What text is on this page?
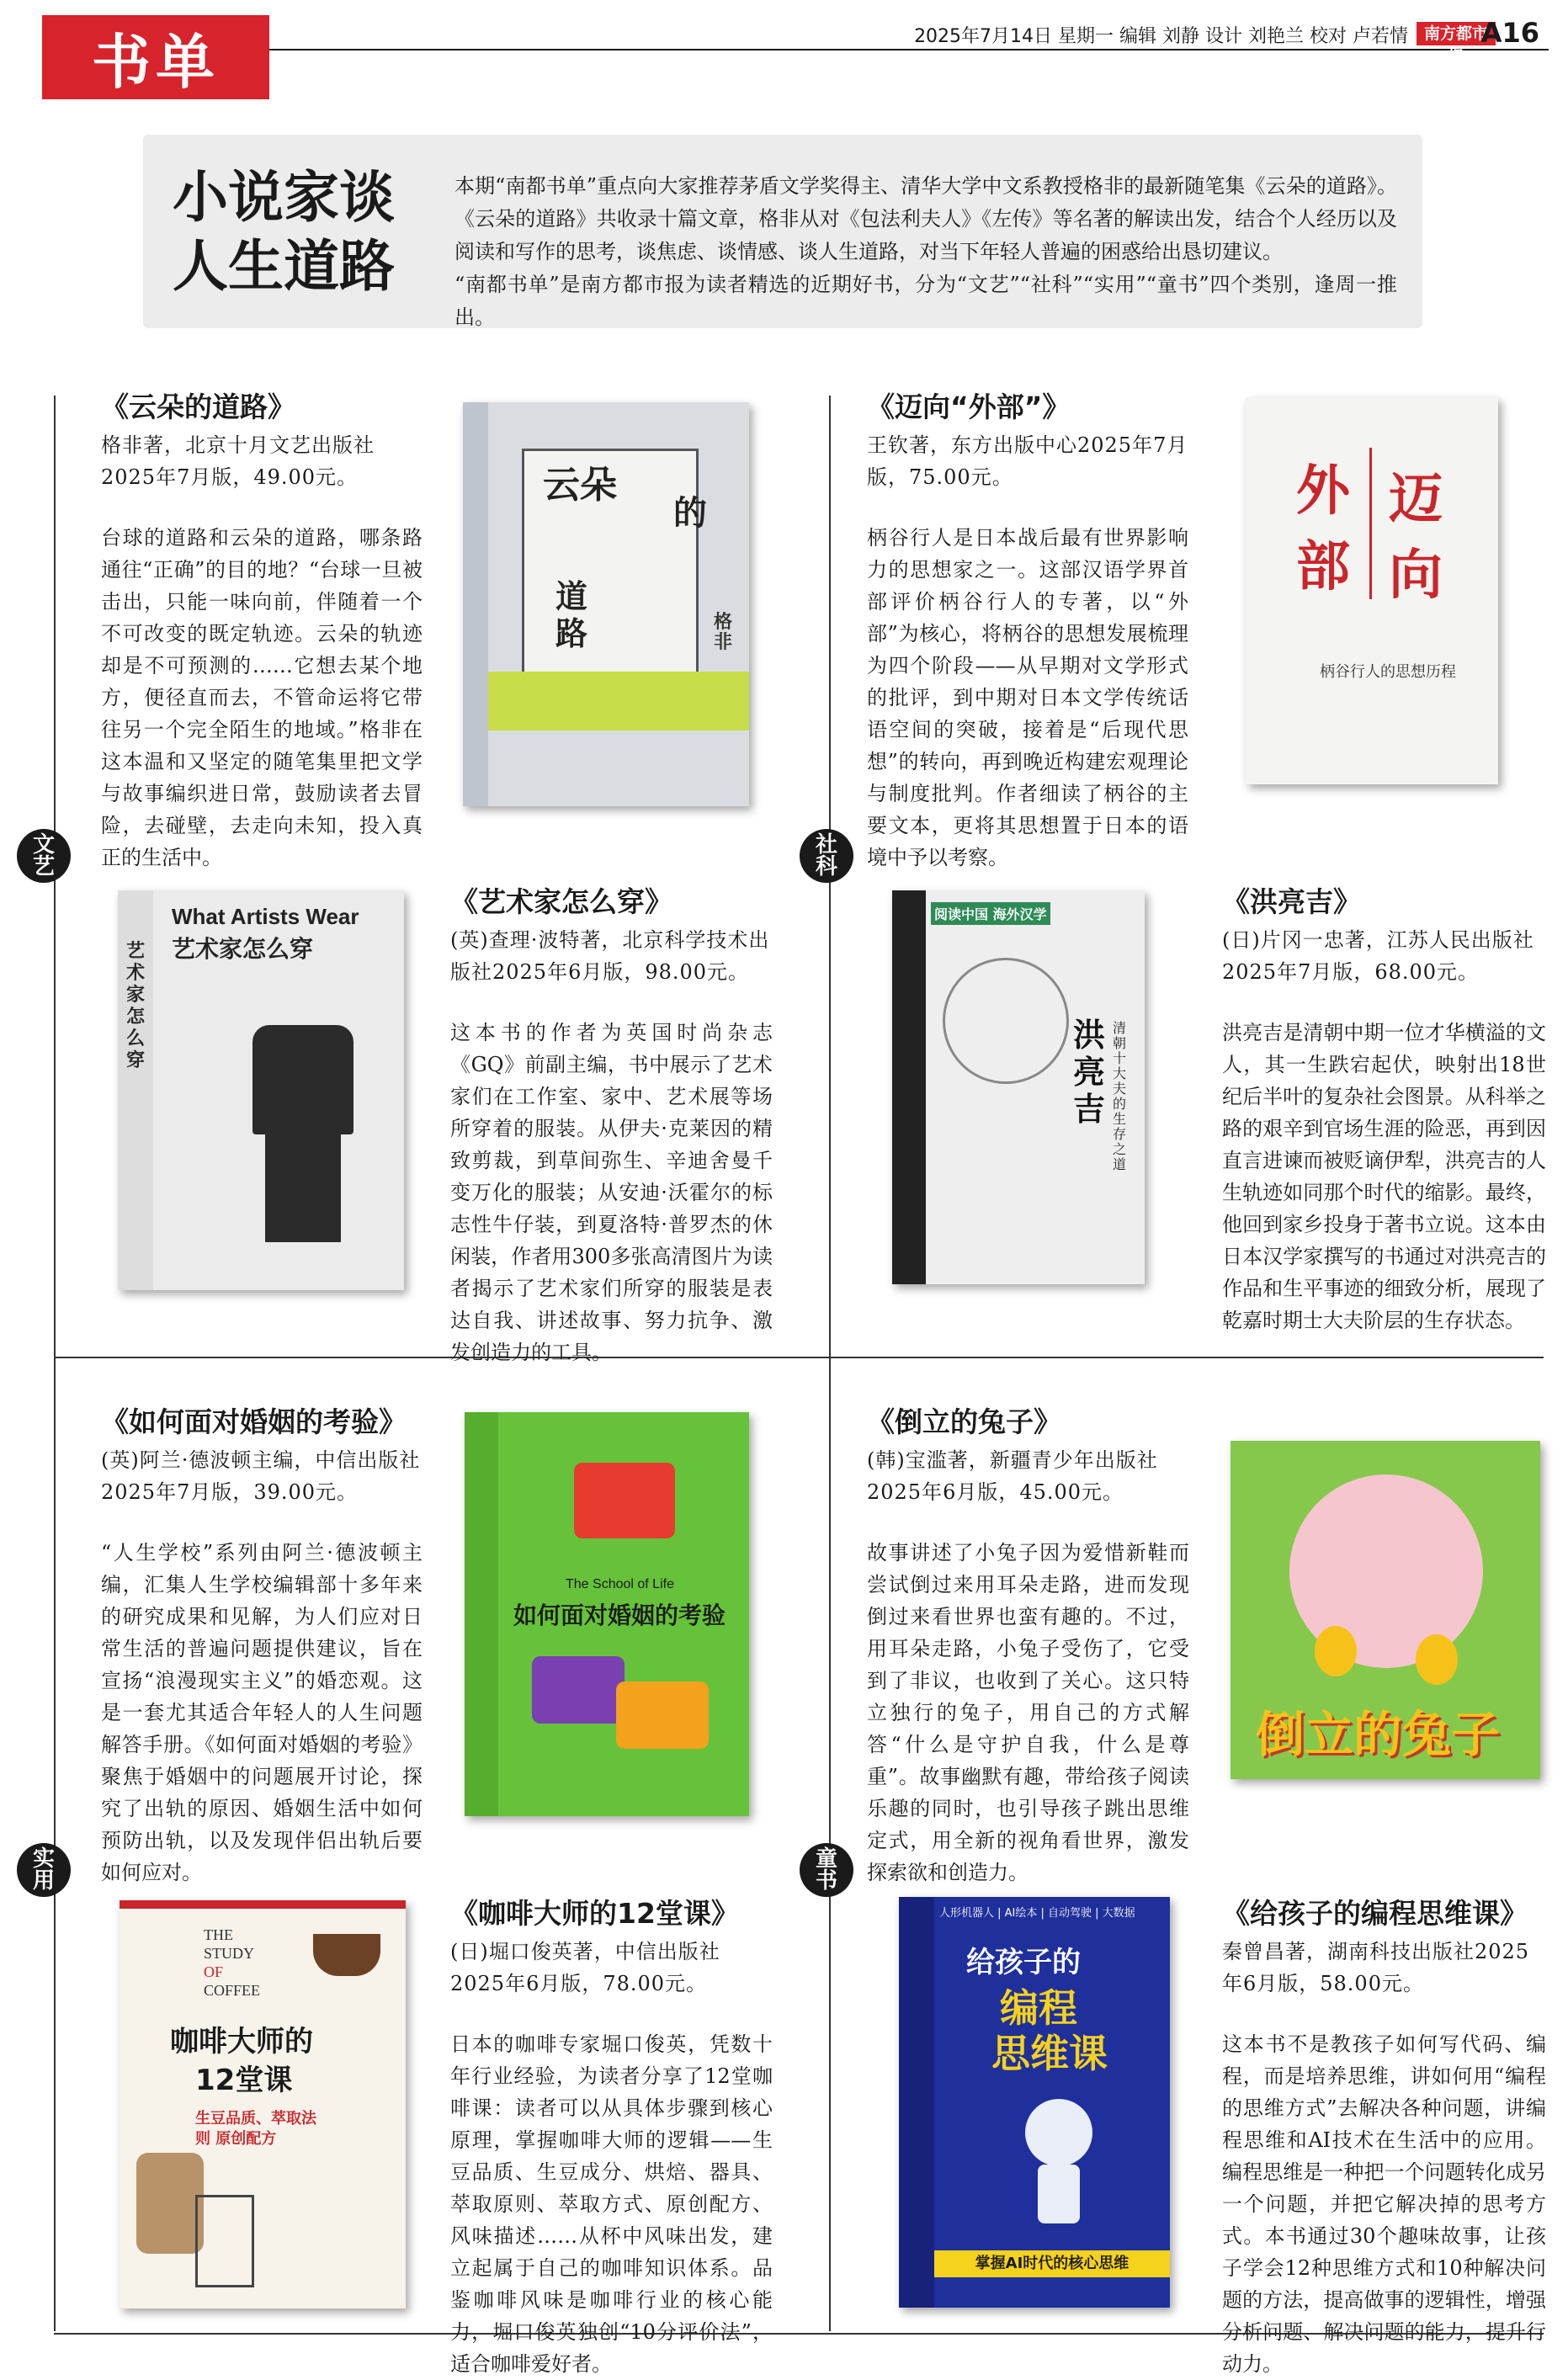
书单	2025年7月14日 星期一 编辑 刘静 设计 刘艳兰 校对 卢若情 南方都市报
A16
小说家谈
人生道路

本期“南都书单”重点向大家推荐茅盾文学奖得主、清华大学中文系教授格非的最新随笔集《云朵的道路》。《云朵的道路》共收录十篇文章，格非从对《包法利夫人》《左传》等名著的解读出发，结合个人经历以及阅读和写作的思考，谈焦虑、谈情感、谈人生道路，对当下年轻人普遍的困惑给出恳切建议。

“南都书单”是南方都市报为读者精选的近期好书，分为“文艺”“社科”“实用”“童书”四个类别，逢周一推出。

文
艺
社
科
实
用
童
书
《云朵的道路》
格非著，北京十月文艺出版社2025年7月版，49.00元。
台球的道路和云朵的道路，哪条路通往“正确”的目的地？“台球一旦被击出，只能一味向前，伴随着一个不可改变的既定轨迹。云朵的轨迹却是不可预测的……它想去某个地方，便径直而去，不管命运将它带往另一个完全陌生的地域。”格非在这本温和又坚定的随笔集里把文学与故事编织进日常，鼓励读者去冒险，去碰壁，去走向未知，投入真正的生活中。
云朵
的
道
路	格非
《迈向“外部”》
王钦著，东方出版中心2025年7月版，75.00元。
柄谷行人是日本战后最有世界影响力的思想家之一。这部汉语学界首部评价柄谷行人的专著，以“外部”为核心，将柄谷的思想发展梳理为四个阶段——从早期对文学形式的批评，到中期对日本文学传统话语空间的突破，接着是“后现代思想”的转向，再到晚近构建宏观理论与制度批判。作者细读了柄谷的主要文本，更将其思想置于日本的语境中予以考察。
外 迈
部 向
柄谷行人的思想历程
艺术家怎么穿
What Artists Wear
艺术家怎么穿
《艺术家怎么穿》
(英)查理·波特著，北京科学技术出版社2025年6月版，98.00元。
这本书的作者为英国时尚杂志《GQ》前副主编，书中展示了艺术家们在工作室、家中、艺术展等场所穿着的服装。从伊夫·克莱因的精致剪裁，到草间弥生、辛迪舍曼千变万化的服装；从安迪·沃霍尔的标志性牛仔装，到夏洛特·普罗杰的休闲装，作者用300多张高清图片为读者揭示了艺术家们所穿的服装是表达自我、讲述故事、努力抗争、激发创造力的工具。
阅读中国 海外汉学
洪
亮
吉
清朝十大夫的生存之道
《洪亮吉》
(日)片冈一忠著，江苏人民出版社2025年7月版，68.00元。
洪亮吉是清朝中期一位才华横溢的文人，其一生跌宕起伏，映射出18世纪后半叶的复杂社会图景。从科举之路的艰辛到官场生涯的险恶，再到因直言进谏而被贬谪伊犁，洪亮吉的人生轨迹如同那个时代的缩影。最终，他回到家乡投身于著书立说。这本由日本汉学家撰写的书通过对洪亮吉的作品和生平事迹的细致分析，展现了乾嘉时期士大夫阶层的生存状态。
《如何面对婚姻的考验》
(英)阿兰·德波顿主编，中信出版社2025年7月版，39.00元。
“人生学校”系列由阿兰·德波顿主编，汇集人生学校编辑部十多年来的研究成果和见解，为人们应对日常生活的普遍问题提供建议，旨在宣扬“浪漫现实主义”的婚恋观。这是一套尤其适合年轻人的人生问题解答手册。《如何面对婚姻的考验》聚焦于婚姻中的问题展开讨论，探究了出轨的原因、婚姻生活中如何预防出轨，以及发现伴侣出轨后要如何应对。
The School of Life
如何面对婚姻的考验
《倒立的兔子》
(韩)宝滥著，新疆青少年出版社2025年6月版，45.00元。
故事讲述了小兔子因为爱惜新鞋而尝试倒过来用耳朵走路，进而发现倒过来看世界也蛮有趣的。不过，用耳朵走路，小兔子受伤了，它受到了非议，也收到了关心。这只特立独行的兔子，用自己的方式解答“什么是守护自我，什么是尊重”。故事幽默有趣，带给孩子阅读乐趣的同时，也引导孩子跳出思维定式，用全新的视角看世界，激发探索欲和创造力。
倒立的兔子
THE
STUDY
OF
COFFEE
咖啡大师的
12堂课
生豆品质、萃取法则 原创配方
《咖啡大师的12堂课》
(日)堀口俊英著，中信出版社2025年6月版，78.00元。
日本的咖啡专家堀口俊英，凭数十年行业经验，为读者分享了12堂咖啡课：读者可以从具体步骤到核心原理，掌握咖啡大师的逻辑——生豆品质、生豆成分、烘焙、器具、萃取原则、萃取方式、原创配方、风味描述……从杯中风味出发，建立起属于自己的咖啡知识体系。品鉴咖啡风味是咖啡行业的核心能力，堀口俊英独创“10分评价法”，适合咖啡爱好者。
人形机器人 | AI绘本 | 自动驾驶 | 大数据
给孩子的
编程
思维课
掌握AI时代的核心思维
《给孩子的编程思维课》
秦曾昌著，湖南科技出版社2025年6月版，58.00元。
这本书不是教孩子如何写代码、编程，而是培养思维，讲如何用“编程的思维方式”去解决各种问题，讲编程思维和AI技术在生活中的应用。编程思维是一种把一个问题转化成另一个问题，并把它解决掉的思考方式。本书通过30个趣味故事，让孩子学会12种思维方式和10种解决问题的方法，提高做事的逻辑性，增强分析问题、解决问题的能力，提升行动力。
